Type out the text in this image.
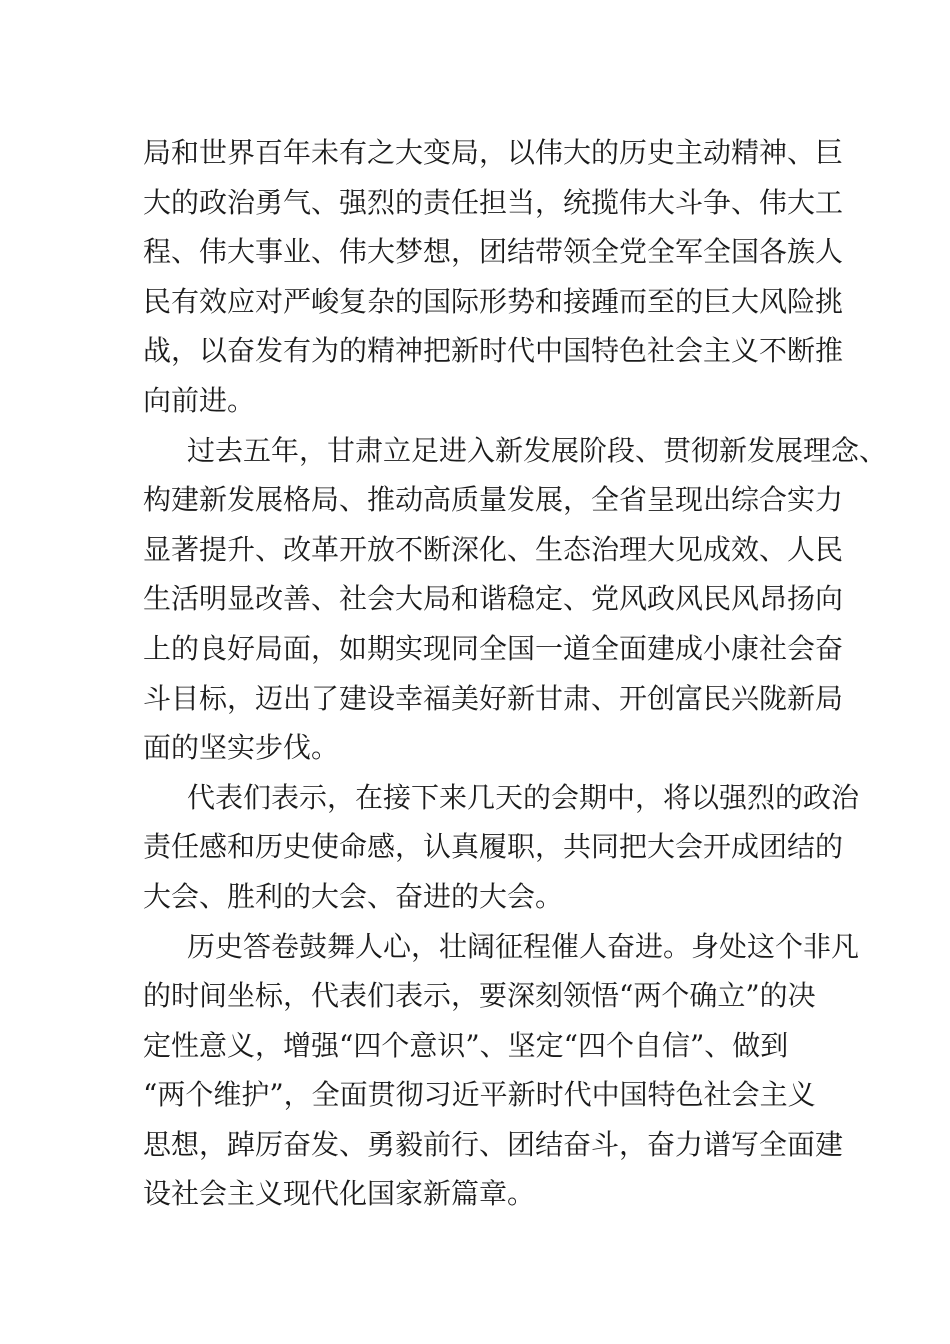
局和世界百年未有之大变局，以伟大的历史主动精神、巨
大的政治勇气、强烈的责任担当，统揽伟大斗争、伟大工
程、伟大事业、伟大梦想，团结带领全党全军全国各族人
民有效应对严峻复杂的国际形势和接踵而至的巨大风险挑
战，以奋发有为的精神把新时代中国特色社会主义不断推
向前进。
过去五年，甘肃立足进入新发展阶段、贯彻新发展理念、
构建新发展格局、推动高质量发展，全省呈现出综合实力
显著提升、改革开放不断深化、生态治理大见成效、人民
生活明显改善、社会大局和谐稳定、党风政风民风昂扬向
上的良好局面，如期实现同全国一道全面建成小康社会奋
斗目标，迈出了建设幸福美好新甘肃、开创富民兴陇新局
面的坚实步伐。
代表们表示，在接下来几天的会期中，将以强烈的政治
责任感和历史使命感，认真履职，共同把大会开成团结的
大会、胜利的大会、奋进的大会。
历史答卷鼓舞人心，壮阔征程催人奋进。身处这个非凡
的时间坐标，代表们表示，要深刻领悟“两个确立”的决
定性意义，增强“四个意识”、坚定“四个自信”、做到
“两个维护”，全面贯彻习近平新时代中国特色社会主义
思想，踔厉奋发、勇毅前行、团结奋斗，奋力谱写全面建
设社会主义现代化国家新篇章。
